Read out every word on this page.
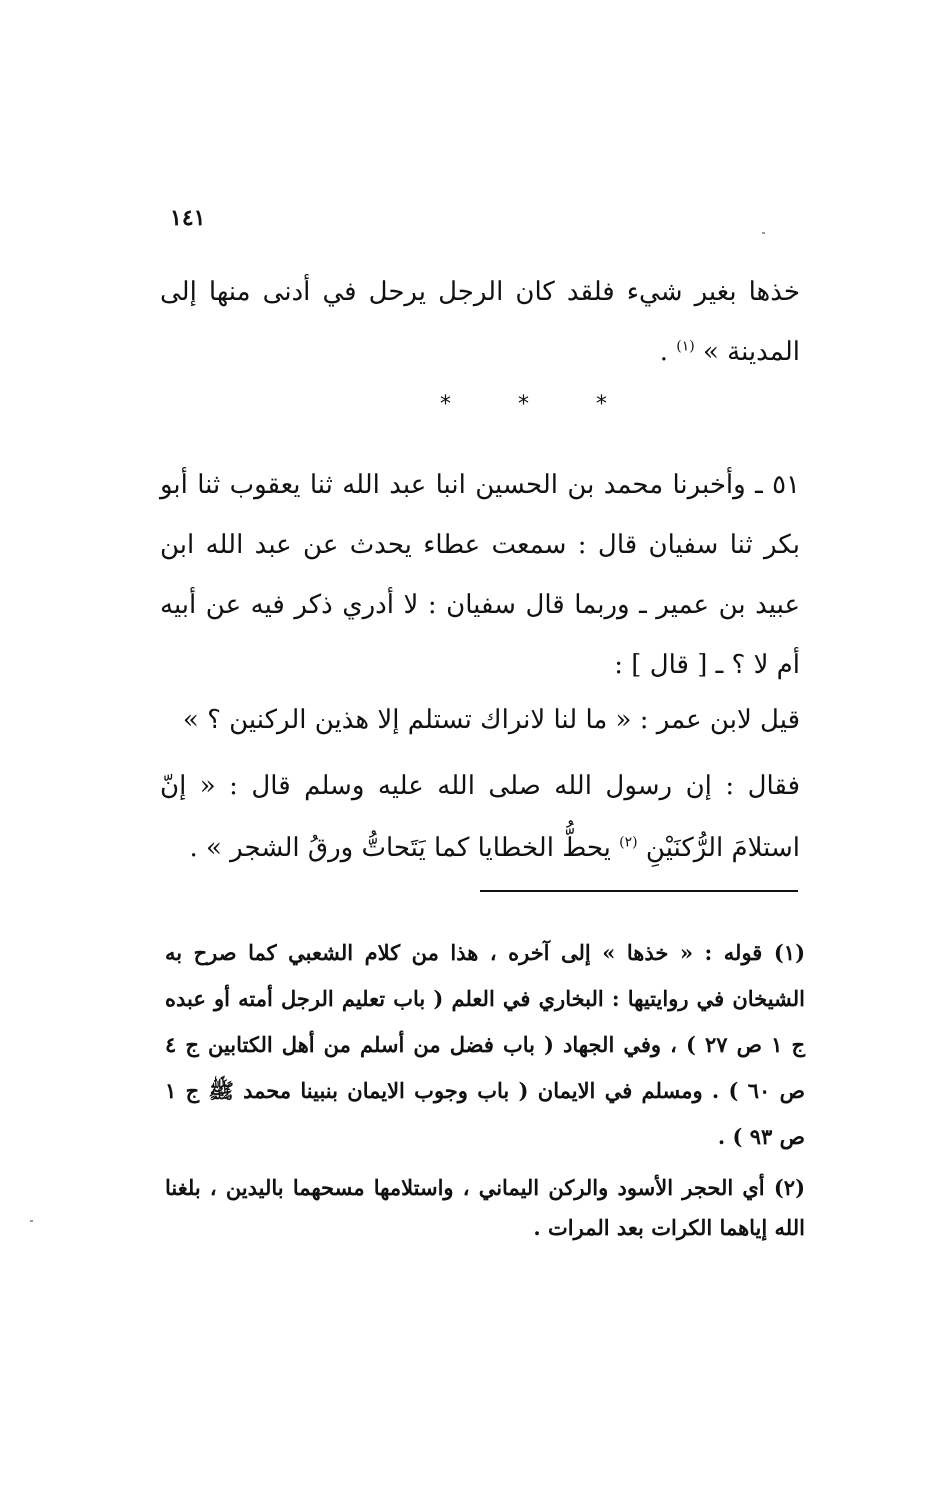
١٤١

خذها بغير شيء فلقد كان الرجل يرحل في أدنى منها إلى المدينة » $^{(١)}$ .

* * *

٥١ ـ وأخبرنا محمد بن الحسين انبا عبد الله ثنا يعقوب ثنا أبو بكر ثنا سفيان قال : سمعت عطاء يحدث عن عبد الله ابن عبيد بن عمير ـ وربما قال سفيان : لا أدري ذكر فيه عن أبيه أم لا ؟ ـ [ قال ] :

قيل لابن عمر : « ما لنا لانراك تستلم إلا هذين الركنين ؟ »

فقال : إن رسول الله صلى الله عليه وسلم قال : « إنّ استلامَ الرُّكنَيْنِ $^{(٢)}$ يحطُّ الخطايا كما يَتَحاتُّ ورقُ الشجر » .

(١) قوله : « خذها » إلى آخره ، هذا من كلام الشعبي كما صرح به الشيخان في روايتيها : البخاري في العلم ( باب تعليم الرجل أمته أو عبده ج ١ ص ٢٧ ) ، وفي الجهاد ( باب فضل من أسلم من أهل الكتابين ج ٤ ص ٦٠ ) . ومسلم في الايمان ( باب وجوب الايمان بنبينا محمد ﷺ ج ١ ص ٩٣ ) .

(٢) أي الحجر الأسود والركن اليماني ، واستلامها مسحهما باليدين ، بلغنا الله إياهما الكرات بعد المرات .
